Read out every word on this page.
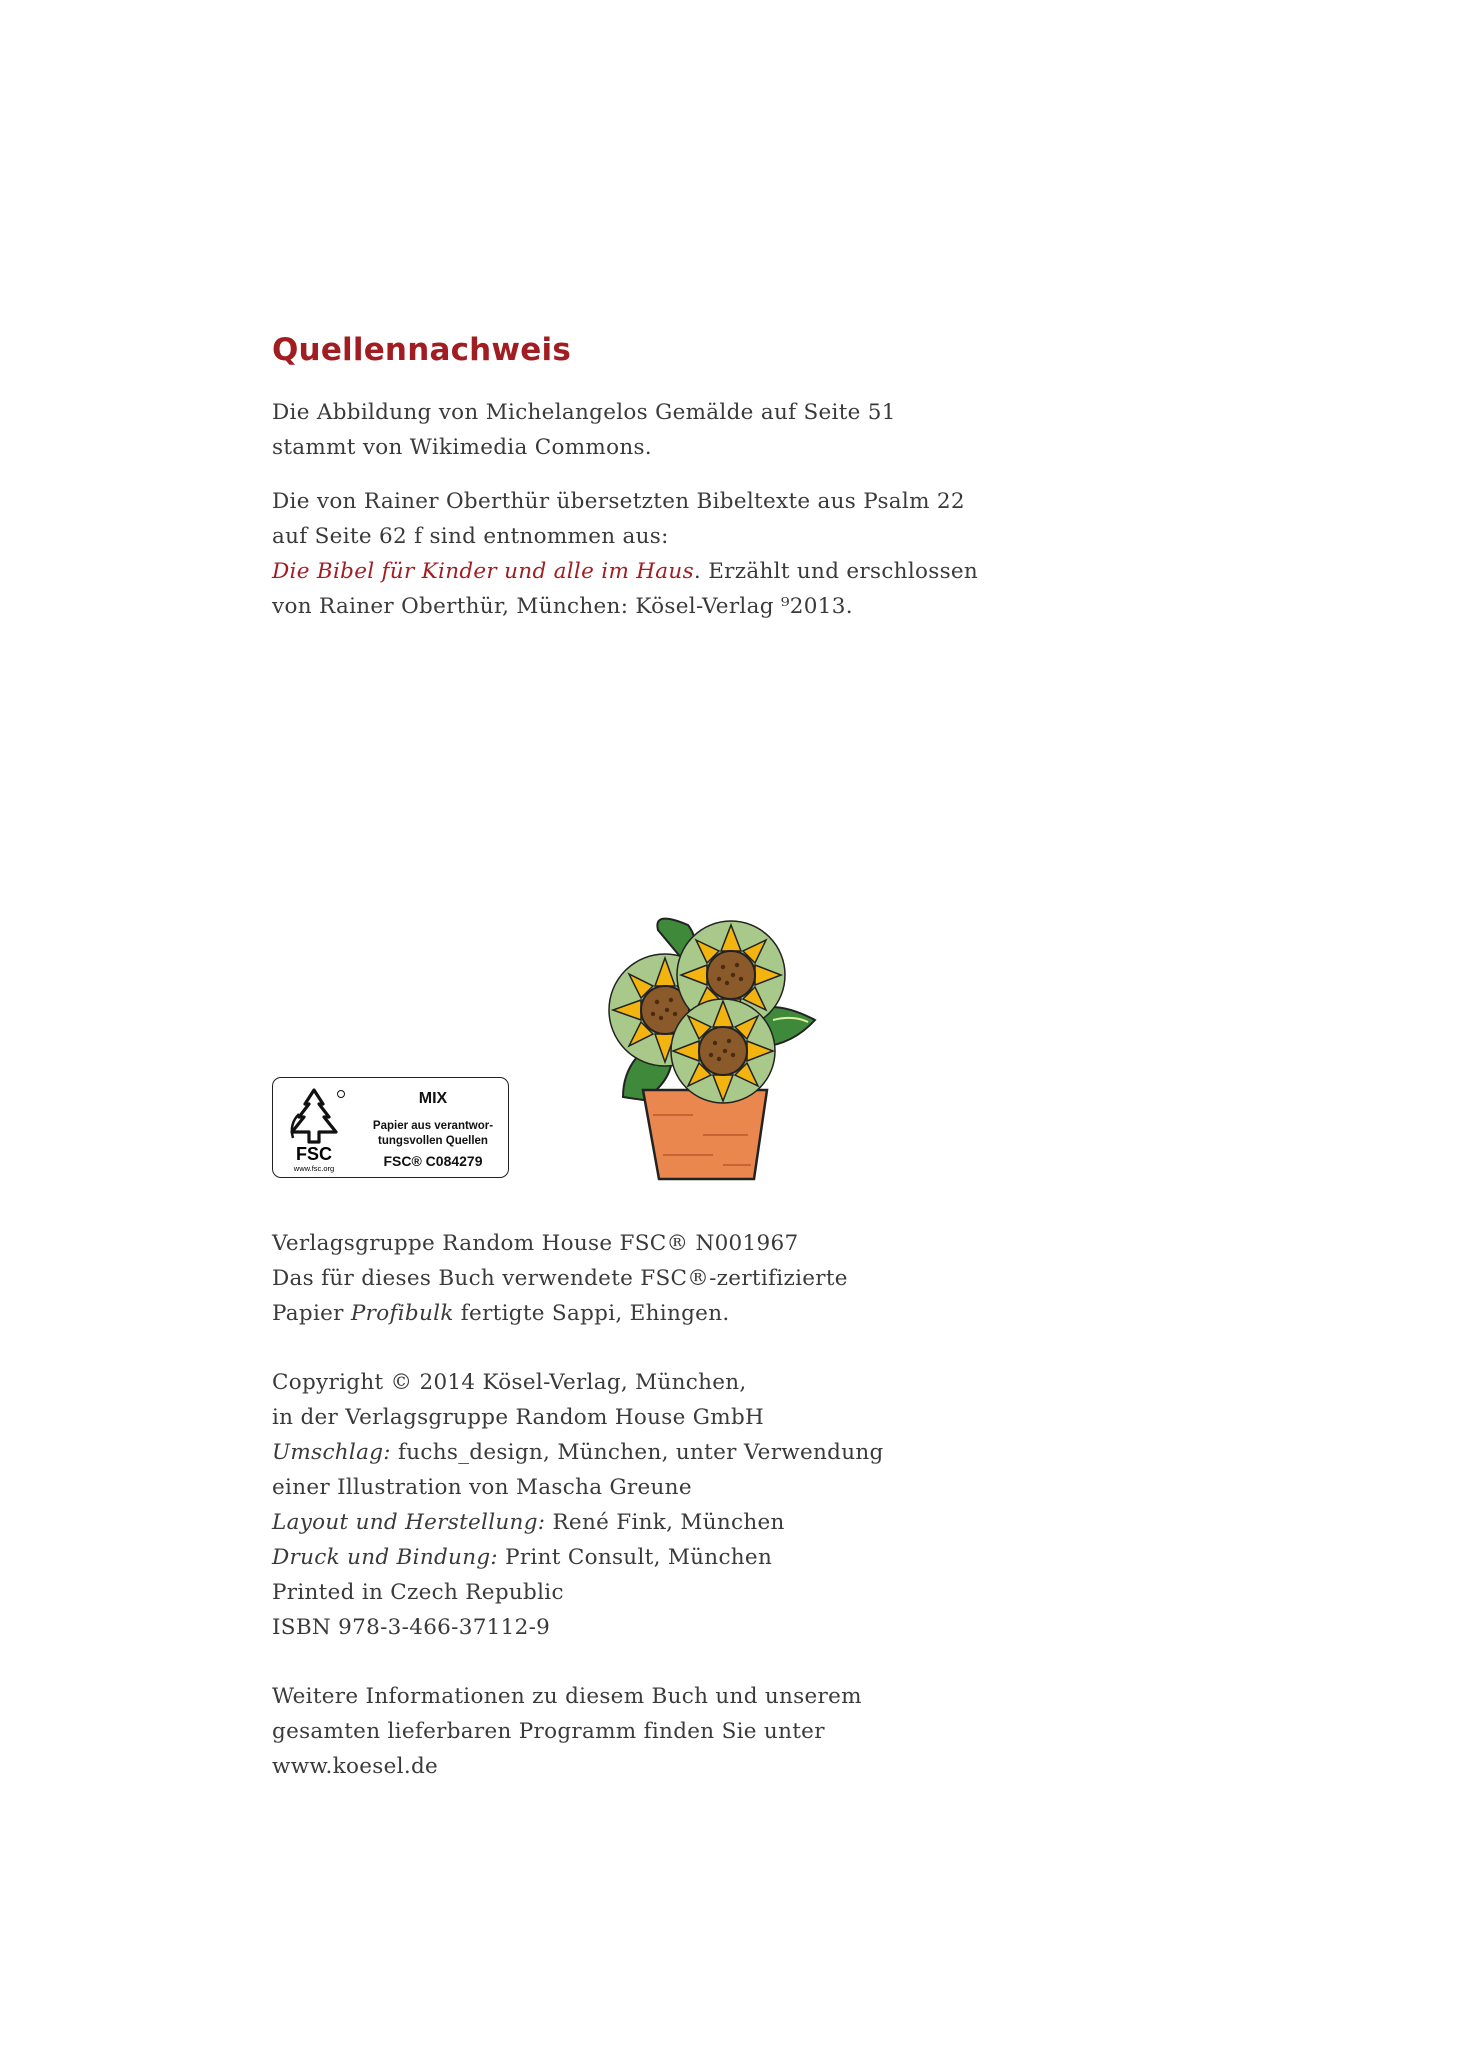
Quellennachweis
Die Abbildung von Michelangelos Gemälde auf Seite 51
stammt von Wikimedia Commons.
Die von Rainer Oberthür übersetzten Bibeltexte aus Psalm 22
auf Seite 62 f sind entnommen aus:
Die Bibel für Kinder und alle im Haus. Erzählt und erschlossen
von Rainer Oberthür, München: Kösel-Verlag ⁹2013.
FSC
www.fsc.org
MIX
Papier aus verantwor-
tungsvollen Quellen
FSC® C084279
Verlagsgruppe Random House FSC® N001967
Das für dieses Buch verwendete FSC®-zertifizierte
Papier Profibulk fertigte Sappi, Ehingen.
Copyright © 2014 Kösel-Verlag, München,
in der Verlagsgruppe Random House GmbH
Umschlag: fuchs_design, München, unter Verwendung
einer Illustration von Mascha Greune
Layout und Herstellung: René Fink, München
Druck und Bindung: Print Consult, München
Printed in Czech Republic
ISBN 978-3-466-37112-9
Weitere Informationen zu diesem Buch und unserem
gesamten lieferbaren Programm finden Sie unter
www.koesel.de
